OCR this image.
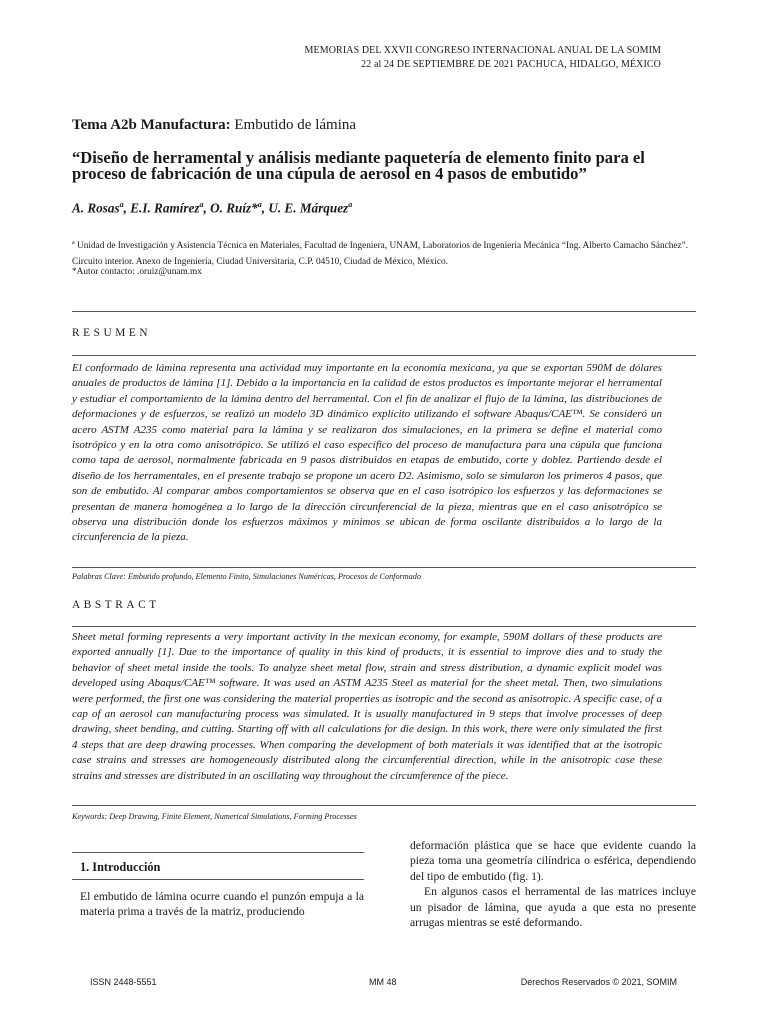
MEMORIAS DEL XXVII CONGRESO INTERNACIONAL ANUAL DE LA SOMIM
22 al 24 DE SEPTIEMBRE DE 2021 PACHUCA, HIDALGO, MÉXICO
Tema A2b Manufactura: Embutido de lámina
“Diseño de herramental y análisis mediante paquetería de elemento finito para el proceso de fabricación de una cúpula de aerosol en 4 pasos de embutido”
A. Rosas$^a$, E.I. Ramírez$^a$, O. Ruíz*$^a$, U. E. Márquez$^a$
$^a$ Unidad de Investigación y Asistencia Técnica en Materiales, Facultad de Ingeniera, UNAM, Laboratorios de Ingeniería Mecánica “Ing. Alberto Camacho Sánchez”. Circuito interior. Anexo de Ingeniería, Ciudad Universitaria, C.P. 04510, Ciudad de México, México.
*Autor contacto: .oruiz@unam.mx
RESUMEN
El conformado de lámina representa una actividad muy importante en la economía mexicana, ya que se exportan 590M de dólares anuales de productos de lámina [1]. Debido a la importancia en la calidad de estos productos es importante mejorar el herramental y estudiar el comportamiento de la lámina dentro del herramental. Con el fin de analizar el flujo de la lámina, las distribuciones de deformaciones y de esfuerzos, se realizó un modelo 3D dinámico explícito utilizando el software Abaqus/CAE™. Se consideró un acero ASTM A235 como material para la lámina y se realizaron dos simulaciones, en la primera se define el material como isotrópico y en la otra como anisotrópico. Se utilizó el caso específico del proceso de manufactura para una cúpula que funciona como tapa de aerosol, normalmente fabricada en 9 pasos distribuidos en etapas de embutido, corte y doblez. Partiendo desde el diseño de los herramentales, en el presente trabajo se propone un acero D2. Asimismo, solo se simularon los primeros 4 pasos, que son de embutido. Al comparar ambos comportamientos se observa que en el caso isotrópico los esfuerzos y las deformaciones se presentan de manera homogénea a lo largo de la dirección circunferencial de la pieza, mientras que en el caso anisotrópico se observa una distribución donde los esfuerzos máximos y mínimos se ubican de forma oscilante distribuidos a lo largo de la circunferencia de la pieza.
Palabras Clave: Embutido profundo, Elemento Finito, Simulaciones Numéricas, Procesos de Conformado
ABSTRACT
Sheet metal forming represents a very important activity in the mexican economy, for example, 590M dollars of these products are exported annually [1]. Due to the importance of quality in this kind of products, it is essential to improve dies and to study the behavior of sheet metal inside the tools. To analyze sheet metal flow, strain and stress distribution, a dynamic explicit model was developed using Abaqus/CAE™ software. It was used an ASTM A235 Steel as material for the sheet metal. Then, two simulations were performed, the first one was considering the material properties as isotropic and the second as anisotropic. A specific case, of a cap of an aerosol can manufacturing process was simulated. It is usually manufactured in 9 steps that involve processes of deep drawing, sheet bending, and cutting. Starting off with all calculations for die design. In this work, there were only simulated the first 4 steps that are deep drawing processes. When comparing the development of both materials it was identified that at the isotropic case strains and stresses are homogeneously distributed along the circumferential direction, while in the anisotropic case these strains and stresses are distributed in an oscillating way throughout the circumference of the piece.
Keywords: Deep Drawing, Finite Element, Numerical Simulations, Forming Processes
1. Introducción
El embutido de lámina ocurre cuando el punzón empuja a la materia prima a través de la matriz, produciendo
deformación plástica que se hace que evidente cuando la pieza toma una geometría cilíndrica o esférica, dependiendo del tipo de embutido (fig. 1).
En algunos casos el herramental de las matrices incluye un pisador de lámina, que ayuda a que esta no presente arrugas mientras se esté deformando.
ISSN 2448-5551	MM 48	Derechos Reservados © 2021, SOMIM
